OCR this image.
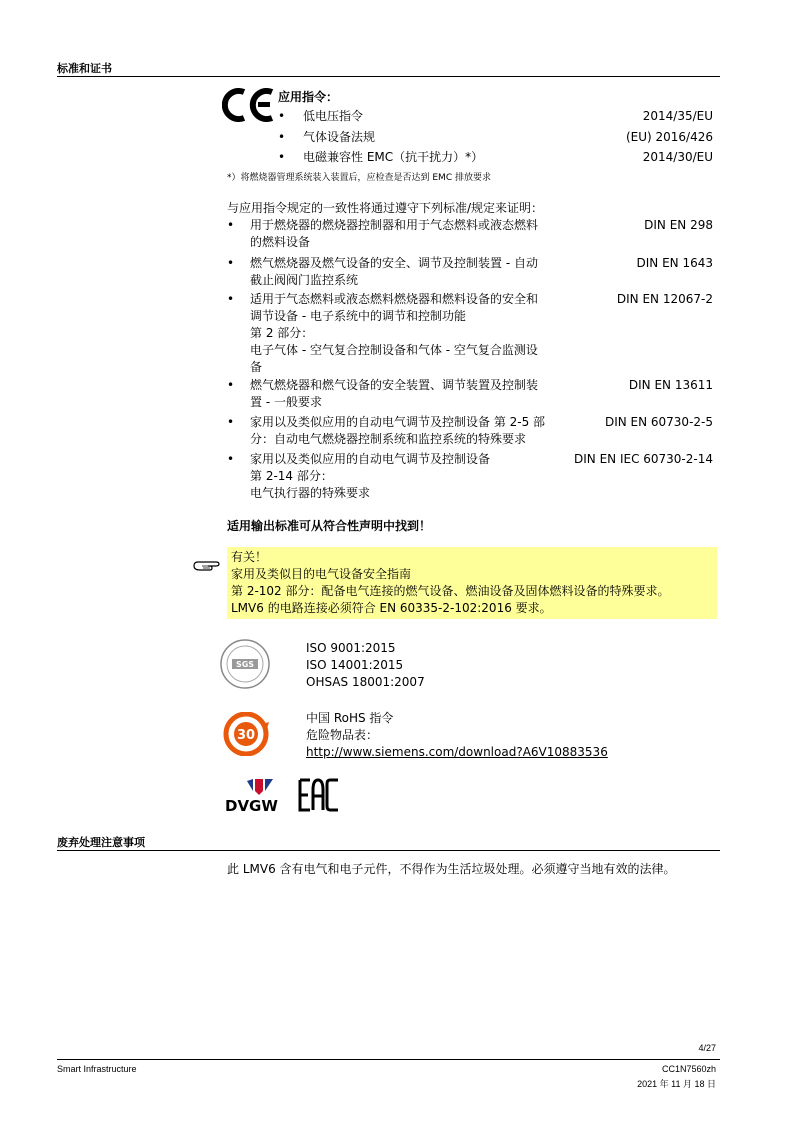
标准和证书
应用指令：
• 低电压指令	2014/35/EU
• 气体设备法规	(EU) 2016/426
• 电磁兼容性 EMC（抗干扰力）*）	2014/30/EU
*）将燃烧器管理系统装入装置后，应检查是否达到 EMC 排放要求
与应用指令规定的一致性将通过遵守下列标准/规定来证明：
• 用于燃烧器的燃烧器控制器和用于气态燃料或液态燃料
的燃料设备
DIN EN 298
• 燃气燃烧器及燃气设备的安全、调节及控制装置 - 自动
截止阀阀门监控系统
DIN EN 1643
• 适用于气态燃料或液态燃料燃烧器和燃料设备的安全和
调节设备 - 电子系统中的调节和控制功能
第 2 部分：
电子气体 - 空气复合控制设备和气体 - 空气复合监测设
备
DIN EN 12067-2
• 燃气燃烧器和燃气设备的安全装置、调节装置及控制装
置 - 一般要求
DIN EN 13611
• 家用以及类似应用的自动电气调节及控制设备 第 2-5 部
分：自动电气燃烧器控制系统和监控系统的特殊要求
DIN EN 60730-2-5
• 家用以及类似应用的自动电气调节及控制设备
第 2-14 部分：
电气执行器的特殊要求
DIN EN IEC 60730-2-14
适用输出标准可从符合性声明中找到！
有关！
家用及类似目的电气设备安全指南
第 2-102 部分：配备电气连接的燃气设备、燃油设备及固体燃料设备的特殊要求。
LMV6 的电路连接必须符合 EN 60335-2-102:2016 要求。
SGS
ISO 9001:2015
ISO 14001:2015
OHSAS 18001:2007
30
中国 RoHS 指令
危险物品表：
http://www.siemens.com/download?A6V10883536
DVGW
废弃处理注意事项
此 LMV6 含有电气和电子元件，不得作为生活垃圾处理。必须遵守当地有效的法律。
4/27
Smart Infrastructure	CC1N7560zh
2021 年 11 月 18 日
